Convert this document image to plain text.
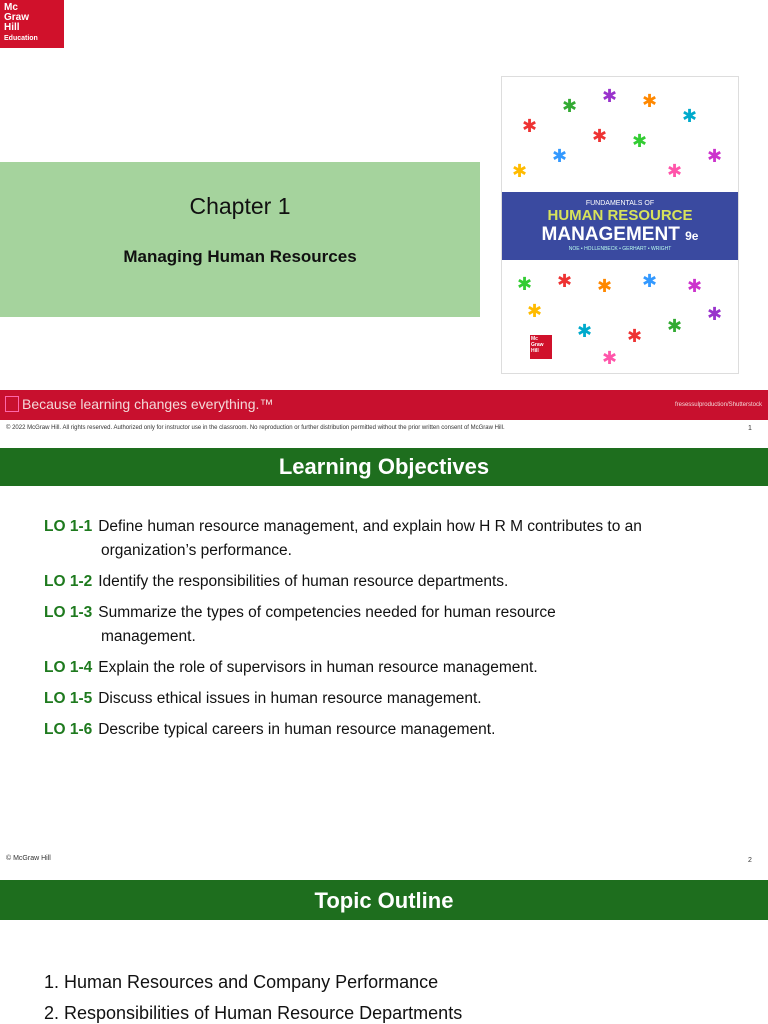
Mc
Graw
Hill
Education
Chapter 1
Managing Human Resources
✱
✱ ✱ ✱
✱
✱
✱
✱
✱ ✱
✱
✱ ✱ ✱ ✱ ✱
✱
✱ ✱ ✱
✱
✱
FUNDAMENTALS OF
HUMAN RESOURCE
MANAGEMENT 9e
NOE • HOLLENBECK • GERHART • WRIGHT
Mc Graw Hill
Because learning changes everything.™	fresessulproduction/Shutterstock
© 2022 McGraw Hill. All rights reserved. Authorized only for instructor use in the classroom. No reproduction or further distribution permitted without the prior written consent of McGraw Hill.	1
Learning Objectives
LO 1-1 Define human resource management, and explain how H R M contributes to an
organization’s performance.
LO 1-2 Identify the responsibilities of human resource departments.
LO 1-3 Summarize the types of competencies needed for human resource
management.
LO 1-4 Explain the role of supervisors in human resource management.
LO 1-5 Discuss ethical issues in human resource management.
LO 1-6 Describe typical careers in human resource management.
© McGraw Hill	2
Topic Outline
1. Human Resources and Company Performance
2. Responsibilities of Human Resource Departments
